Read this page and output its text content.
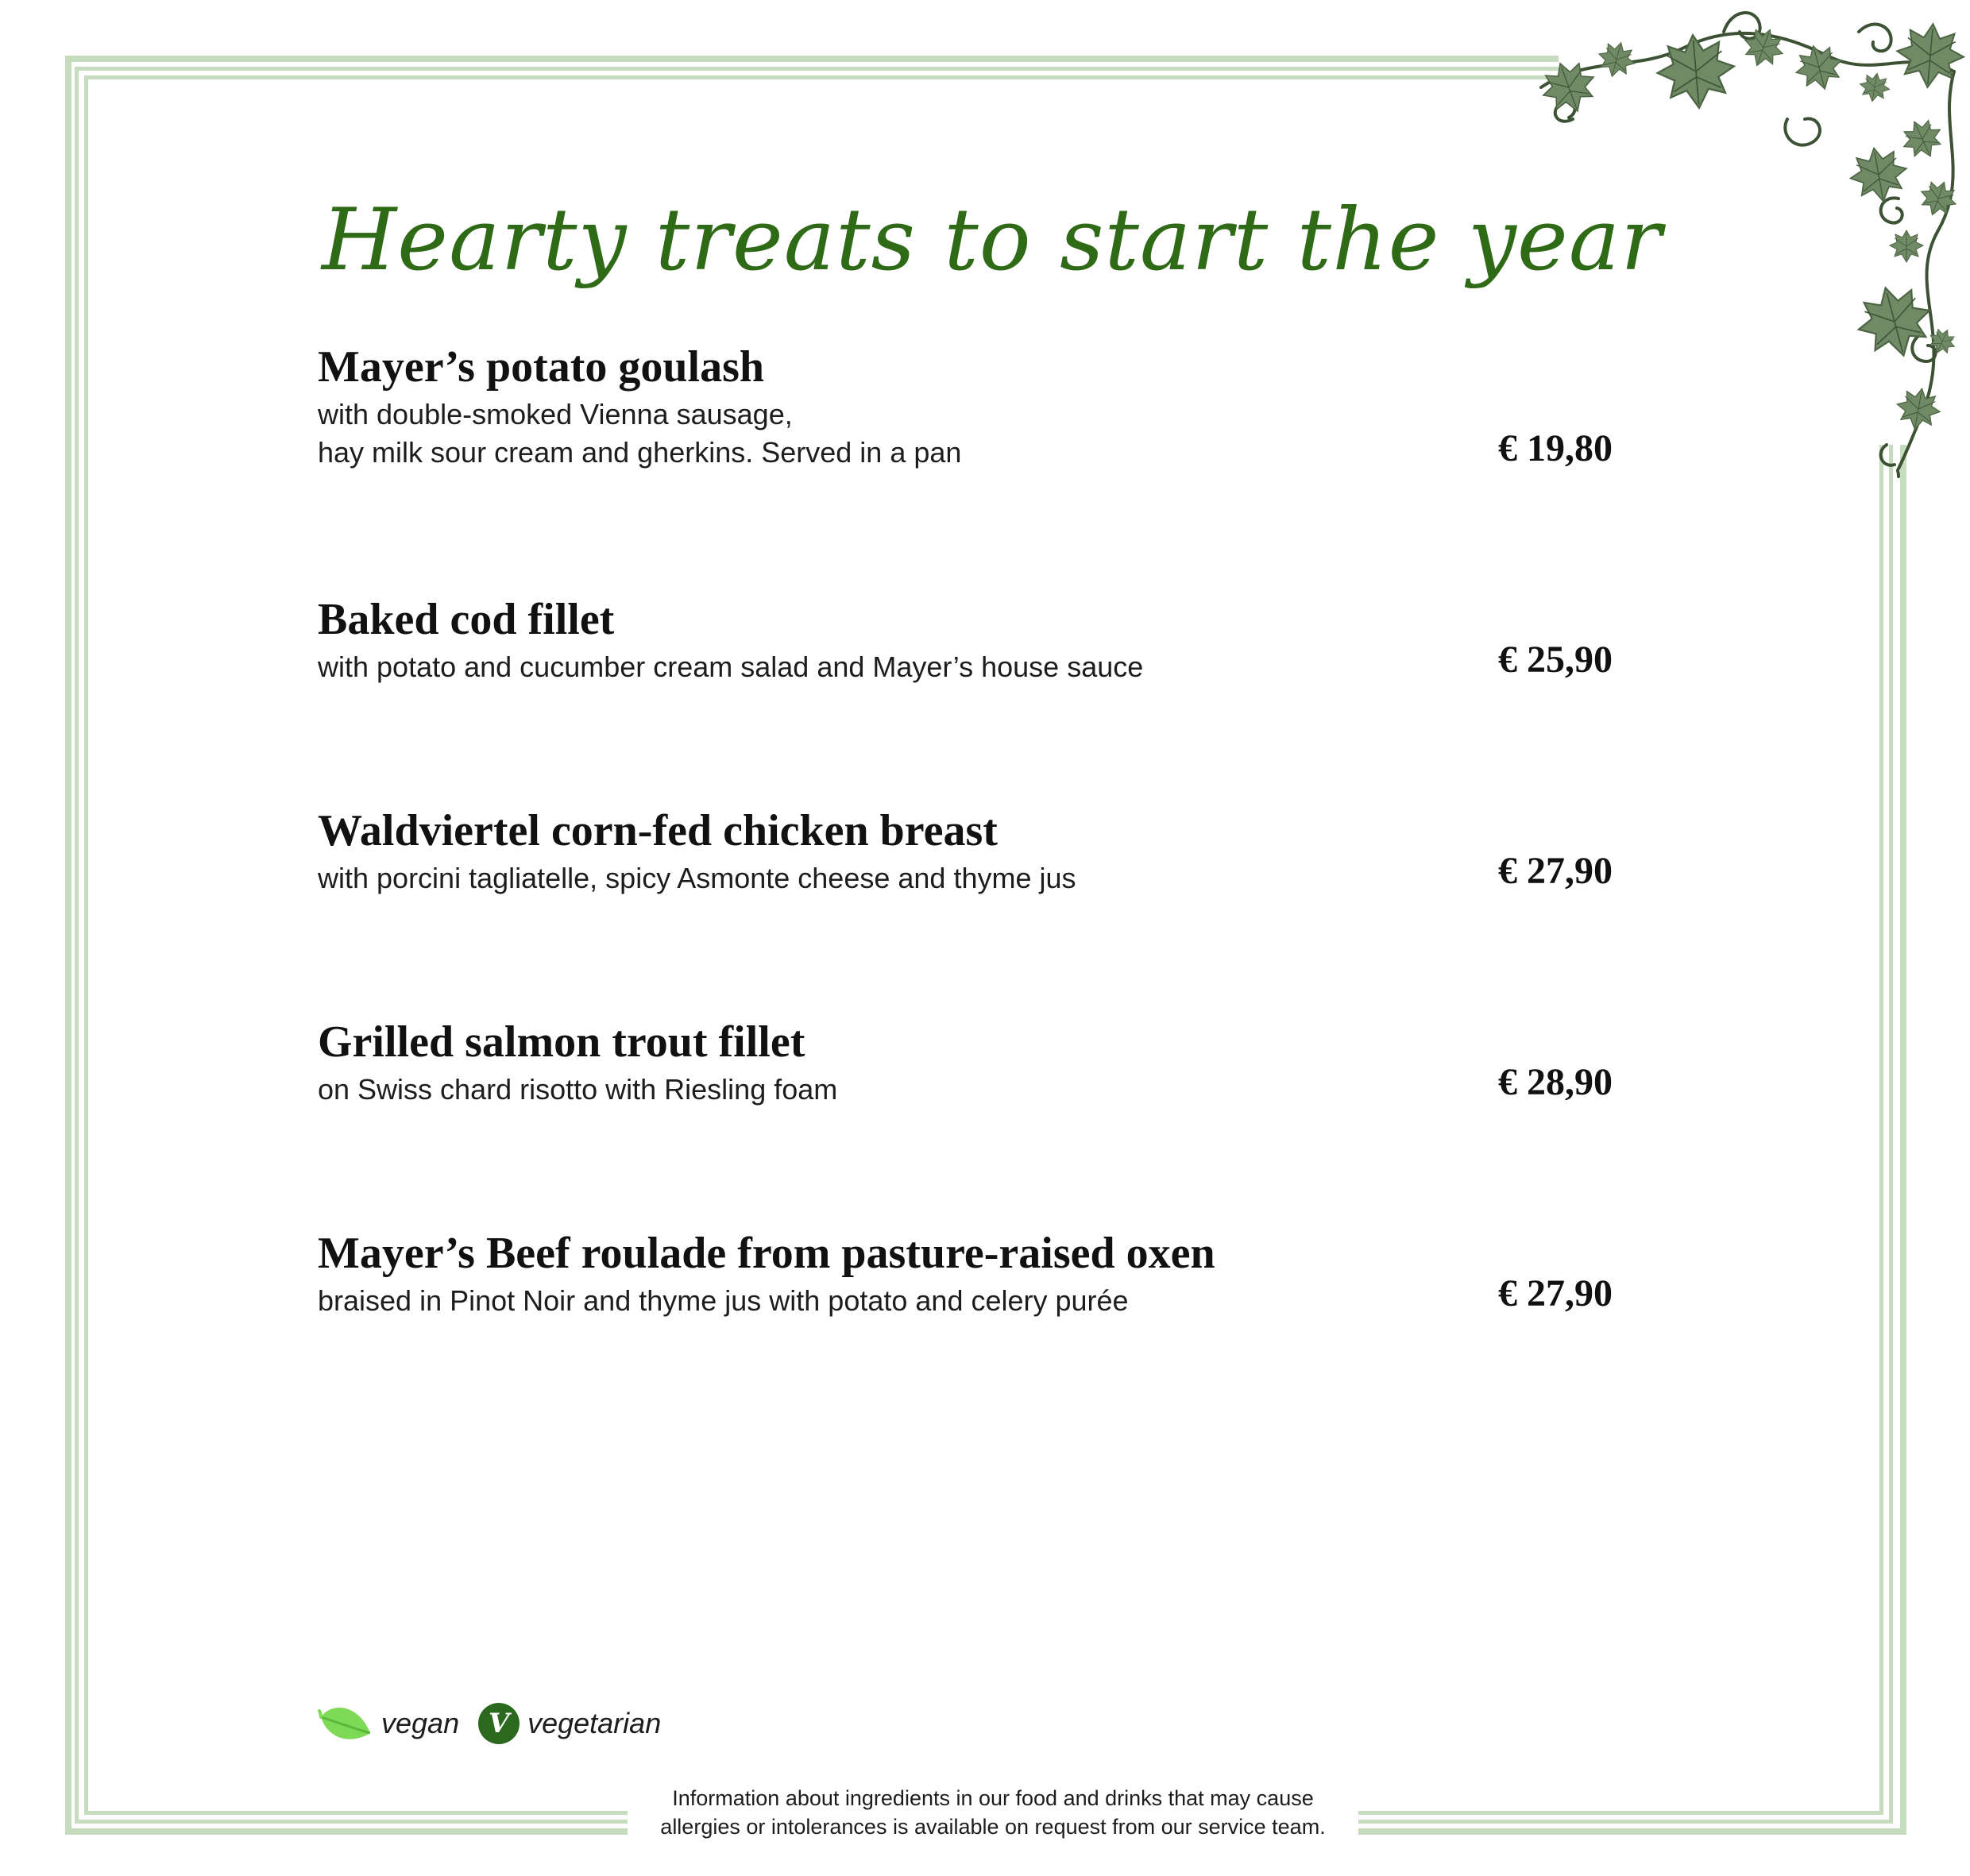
Hearty treats to start the year
Mayer’s potato goulash
with double-smoked Vienna sausage,
hay milk sour cream and gherkins. Served in a pan	€ 19,80
Baked cod fillet
with potato and cucumber cream salad and Mayer’s house sauce	€ 25,90
Waldviertel corn-fed chicken breast
with porcini tagliatelle, spicy Asmonte cheese and thyme jus	€ 27,90
Grilled salmon trout fillet
on Swiss chard risotto with Riesling foam	€ 28,90
Mayer’s Beef roulade from pasture-raised oxen
braised in Pinot Noir and thyme jus with potato and celery purée	€ 27,90
vegan	V vegetarian
Information about ingredients in our food and drinks that may cause
allergies or intolerances is available on request from our service team.
